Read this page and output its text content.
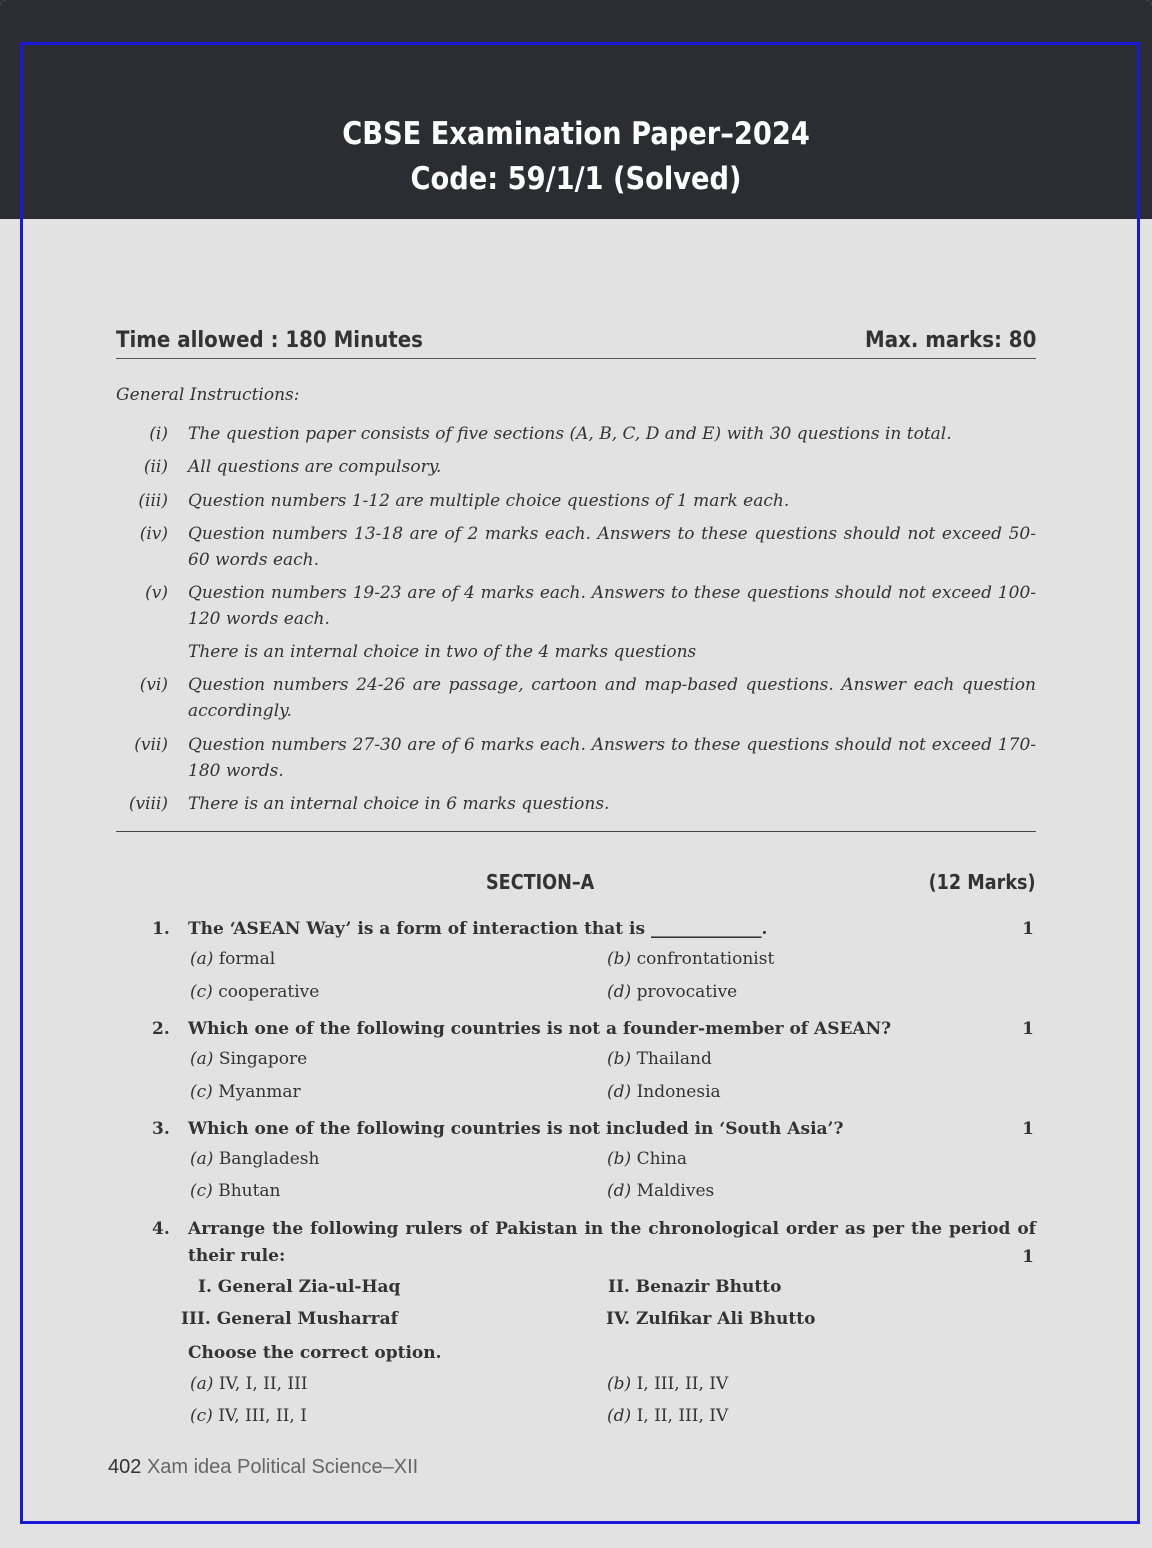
CBSE Examination Paper–2024
Code: 59/1/1 (Solved)
Time allowed : 180 Minutes	Max. marks: 80
General Instructions:
(i) The question paper consists of five sections (A, B, C, D and E) with 30 questions in total.
(ii) All questions are compulsory.
(iii) Question numbers 1-12 are multiple choice questions of 1 mark each.
(iv) Question numbers 13-18 are of 2 marks each. Answers to these questions should not exceed 50-60 words each.
(v) Question numbers 19-23 are of 4 marks each. Answers to these questions should not exceed 100-120 words each.
There is an internal choice in two of the 4 marks questions
(vi) Question numbers 24-26 are passage, cartoon and map-based questions. Answer each question accordingly.
(vii) Question numbers 27-30 are of 6 marks each. Answers to these questions should not exceed 170-180 words.
(viii) There is an internal choice in 6 marks questions.
SECTION–A	(12 Marks)
1. The ‘ASEAN Way’ is a form of interaction that is _____________.	1
(a) formal	(b) confrontationist
(c) cooperative	(d) provocative
2. Which one of the following countries is not a founder-member of ASEAN?	1
(a) Singapore	(b) Thailand
(c) Myanmar	(d) Indonesia
3. Which one of the following countries is not included in ‘South Asia’?	1
(a) Bangladesh	(b) China
(c) Bhutan	(d) Maldives
4. Arrange the following rulers of Pakistan in the chronological order as per the period of their rule:	1
I. General Zia-ul-Haq	II. Benazir Bhutto
III. General Musharraf	IV. Zulfikar Ali Bhutto
Choose the correct option.
(a) IV, I, II, III	(b) I, III, II, IV
(c) IV, III, II, I	(d) I, II, III, IV
402 Xam idea Political Science–XII
